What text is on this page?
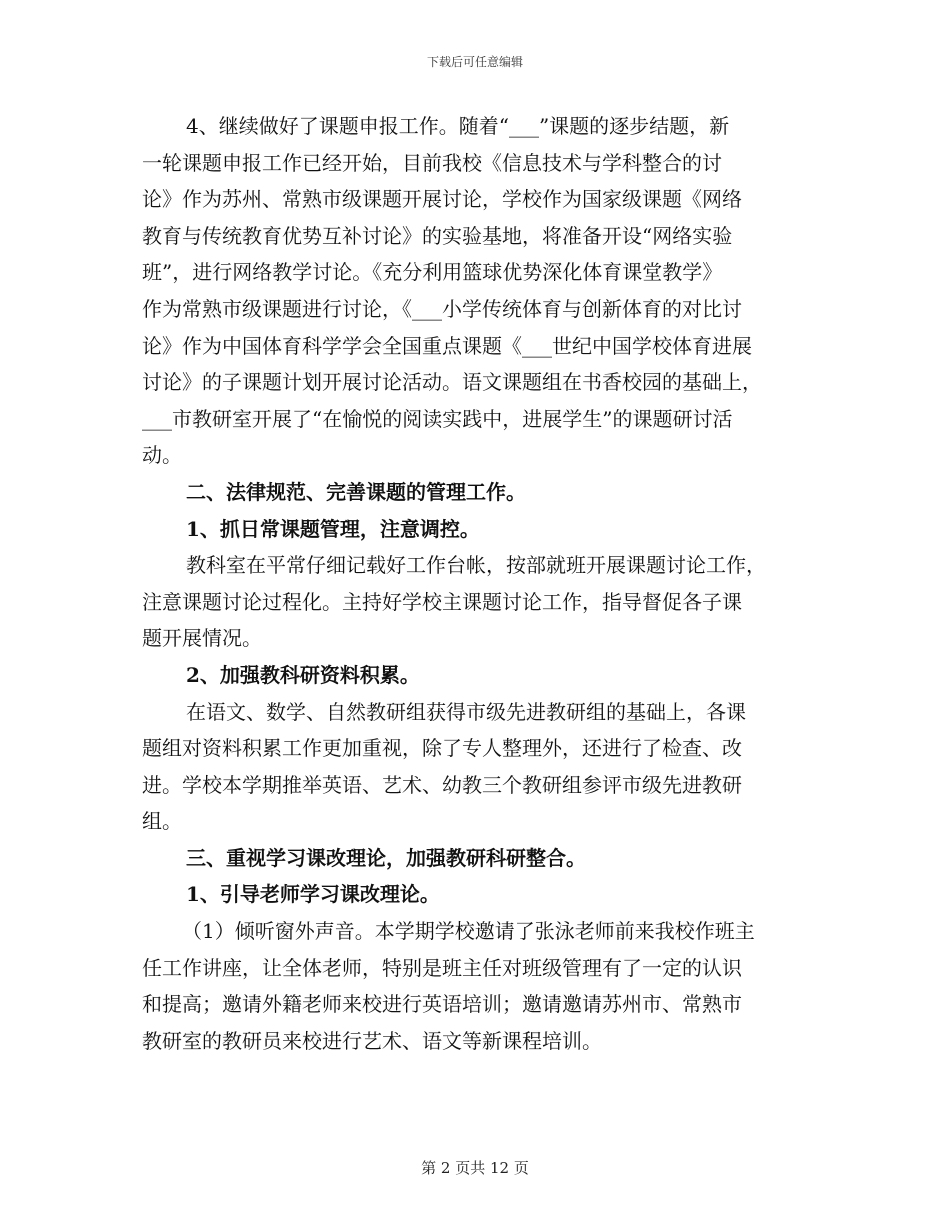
下载后可任意编辑
4、继续做好了课题申报工作。随着“___”课题的逐步结题，新
一轮课题申报工作已经开始，目前我校《信息技术与学科整合的讨
论》作为苏州、常熟市级课题开展讨论，学校作为国家级课题《网络
教育与传统教育优势互补讨论》的实验基地，将准备开设“网络实验
班”，进行网络教学讨论。《充分利用篮球优势深化体育课堂教学》
作为常熟市级课题进行讨论，《___小学传统体育与创新体育的对比讨
论》作为中国体育科学学会全国重点课题《___世纪中国学校体育进展
讨论》的子课题计划开展讨论活动。语文课题组在书香校园的基础上，
___市教研室开展了“在愉悦的阅读实践中，进展学生”的课题研讨活
动。
二、法律规范、完善课题的管理工作。
1、抓日常课题管理，注意调控。
教科室在平常仔细记载好工作台帐，按部就班开展课题讨论工作，
注意课题讨论过程化。主持好学校主课题讨论工作，指导督促各子课
题开展情况。
2、加强教科研资料积累。
在语文、数学、自然教研组获得市级先进教研组的基础上，各课
题组对资料积累工作更加重视，除了专人整理外，还进行了检查、改
进。学校本学期推举英语、艺术、幼教三个教研组参评市级先进教研
组。
三、重视学习课改理论，加强教研科研整合。
1、引导老师学习课改理论。
（1）倾听窗外声音。本学期学校邀请了张泳老师前来我校作班主
任工作讲座，让全体老师，特别是班主任对班级管理有了一定的认识
和提高；邀请外籍老师来校进行英语培训；邀请邀请苏州市、常熟市
教研室的教研员来校进行艺术、语文等新课程培训。
第 2 页共 12 页
